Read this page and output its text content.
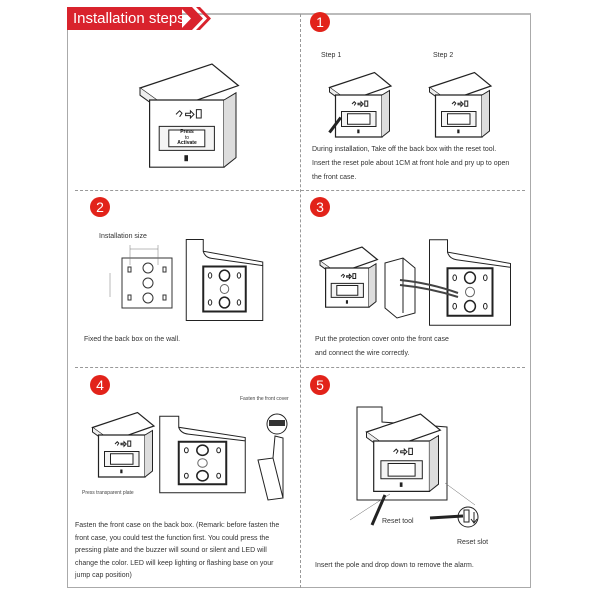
Installation steps
Press
to
Activate
1
Step 1	Step 2
During installation, Take off the back box with the reset tool.
Insert the reset pole about 1CM at front hole and pry up to open
the front case.
2
Installation size
Fixed the back box on the wall.
3
Put the protection cover onto the front case
and connect the wire correctly.
4
Fasten the front cover
Press transparent plate
Fasten the front case on the back box. (Remark: before fasten the
front case, you could test the function first. You could press the
pressing plate and the buzzer will sound or silent and LED will
change the color. LED will keep lighting or flashing base on your
jump cap position)
5
Reset tool
Reset slot
Insert the pole and drop down to remove the alarm.
